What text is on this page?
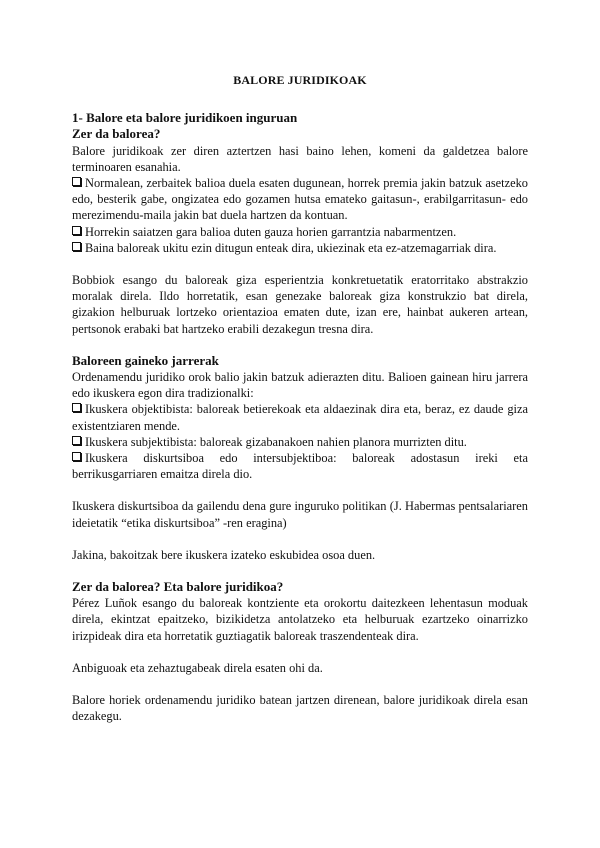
BALORE JURIDIKOAK
1- Balore eta balore juridikoen inguruan
Zer da balorea?

Balore juridikoak zer diren aztertzen hasi baino lehen, komeni da galdetzea balore terminoaren esanahia.

Normalean, zerbaitek balioa duela esaten dugunean, horrek premia jakin batzuk asetzeko edo, besterik gabe, ongizatea edo gozamen hutsa emateko gaitasun-, erabilgarritasun- edo merezimendu-maila jakin bat duela hartzen da kontuan.
Horrekin saiatzen gara balioa duten gauza horien garrantzia nabarmentzen.
Baina baloreak ukitu ezin ditugun enteak dira, ukiezinak eta ez-atzemagarriak dira.

Bobbiok esango du baloreak giza esperientzia konkretuetatik eratorritako abstrakzio moralak direla. Ildo horretatik, esan genezake baloreak giza konstrukzio bat direla, gizakion helburuak lortzeko orientazioa ematen dute, izan ere, hainbat aukeren artean, pertsonok erabaki bat hartzeko erabili dezakegun tresna dira.

Baloreen gaineko jarrerak

Ordenamendu juridiko orok balio jakin batzuk adierazten ditu. Balioen gainean hiru jarrera edo ikuskera egon dira tradizionalki:

Ikuskera objektibista: baloreak betierekoak eta aldaezinak dira eta, beraz, ez daude giza existentziaren mende.
Ikuskera subjektibista: baloreak gizabanakoen nahien planora murrizten ditu.
Ikuskera diskurtsiboa edo intersubjektiboa: baloreak adostasun ireki eta berrikusgarriaren emaitza direla dio.

Ikuskera diskurtsiboa da gailendu dena gure inguruko politikan (J. Habermas pentsalariaren ideietatik “etika diskurtsiboa” -ren eragina)

Jakina, bakoitzak bere ikuskera izateko eskubidea osoa duen.

Zer da balorea? Eta balore juridikoa?

Pérez Luñok esango du baloreak kontziente eta orokortu daitezkeen lehentasun moduak direla, ekintzat epaitzeko, bizikidetza antolatzeko eta helburuak ezartzeko oinarrizko irizpideak dira eta horretatik guztiagatik baloreak traszendenteak dira.

Anbiguoak eta zehaztugabeak direla esaten ohi da.

Balore horiek ordenamendu juridiko batean jartzen direnean, balore juridikoak direla esan dezakegu.
